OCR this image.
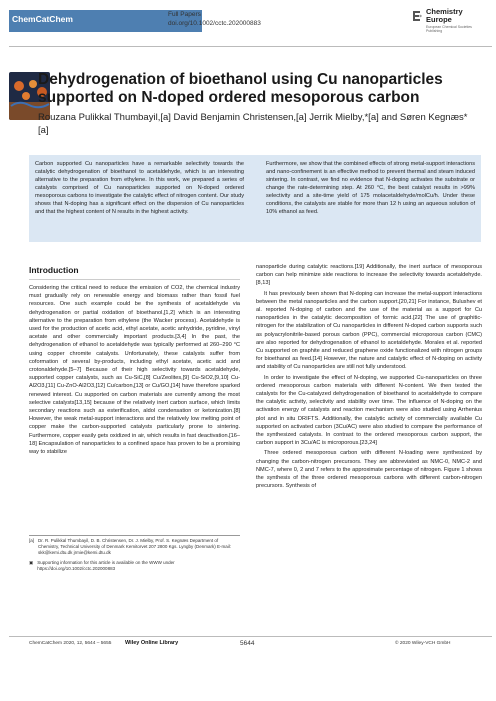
ChemCatChem	Full Papers
doi.org/10.1002/cctc.202000883
Chemistry
Europe
European Chemical Societies Publishing
Dehydrogenation of bioethanol using Cu nanoparticles supported on N-doped ordered mesoporous carbon
Rouzana Pulikkal Thumbayil,[a] David Benjamin Christensen,[a] Jerrik Mielby,*[a] and Søren Kegnæs*[a]
Carbon supported Cu nanoparticles have a remarkable selectivity towards the catalytic dehydrogenation of bioethanol to acetaldehyde, which is an interesting alternative to the preparation from ethylene. In this work, we prepared a series of catalysts comprised of Cu nanoparticles supported on N-doped ordered mesoporous carbons to investigate the catalytic effect of nitrogen content. Our study shows that N-doping has a significant effect on the dispersion of Cu nanoparticles and that the highest content of N results in the highest activity.
Furthermore, we show that the combined effects of strong metal-support interactions and nano-confinement is an effective method to prevent thermal and steam induced sintering. In contrast, we find no evidence that N-doping activates the substrate or change the rate-determining step. At 260 °C, the best catalyst results in >99% selectivity and a site-time yield of 175 molacetaldehyde/molCu/h. Under these conditions, the catalysts are stable for more than 12 h using an aqueous solution of 10% ethanol as feed.
Introduction

Considering the critical need to reduce the emission of CO2, the chemical industry must gradually rely on renewable energy and biomass rather than fossil fuel resources. One such example could be the synthesis of acetaldehyde via dehydrogenation or partial oxidation of bioethanol,[1,2] which is an interesting alternative to the preparation from ethylene (the Wacker process). Acetaldehyde is used for the production of acetic acid, ethyl acetate, acetic anhydride, pyridine, vinyl acetate and other commercially important products.[3,4] In the past, the dehydrogenation of ethanol to acetaldehyde was typically performed at 260–290 °C using copper chromite catalysts. Unfortunately, these catalysts suffer from coformation of several by-products, including ethyl acetate, acetic acid and crotonaldehyde.[5–7] Because of their high selectivity towards acetaldehyde, supported copper catalysts, such as Cu-SiC,[8] Cu/Zeolites,[9] Cu-SiO2,[9,10] Cu-Al2O3,[11] Cu-ZnO-Al2O3,[12] Cu/carbon,[13] or Cu/GO,[14] have therefore sparked renewed interest. Cu supported on carbon materials are currently among the most selective catalysts[13,15] because of the relatively inert carbon surface, which limits secondary reactions such as esterification, aldol condensation or ketonization.[8] However, the weak metal-support interactions and the relatively low melting point of copper make the carbon-supported catalysts particularly prone to sintering. Furthermore, copper easily gets oxidized in air, which results in fast deactivation.[16–18] Encapsulation of nanoparticles to a confined space has proven to be a promising way to stabilize

nanoparticle during catalytic reactions.[19] Additionally, the inert surface of mesoporous carbon can help minimize side reactions to increase the selectivity towards acetaldehyde.[8,13]

It has previously been shown that N-doping can increase the metal-support interactions between the metal nanoparticles and the carbon support.[20,21] For instance, Bulushev et al. reported N-doping of carbon and the use of the material as a support for Cu nanoparticles in the catalytic decomposition of formic acid.[22] The use of graphitic-nitrogen for the stabilization of Cu nanoparticles in different N-doped carbon supports such as polyacrylonitrile-based porous carbon (PPC), commercial microporous carbon (CMC) are also reported for dehydrogenation of ethanol to acetaldehyde. Morales et al. reported Cu supported on graphite and reduced graphene oxide functionalized with nitrogen groups for bioethanol as feed.[14] However, the nature and catalytic effect of N-doping on activity and stability of Cu nanoparticles are still not fully understood.

In order to investigate the effect of N-doping, we supported Cu-nanoparticles on three ordered mesoporous carbon materials with different N-content. We then tested the catalysts for the Cu-catalyzed dehydrogenation of bioethanol to acetaldehyde to compare the catalytic activity, selectivity and stability over time. The influence of N-doping on the activation energy of catalysts and reaction mechanism were also studied using Arrhenius plot and in situ DRIFTS. Additionally, the catalytic activity of commercially available Cu supported on activated carbon (3Cu/AC) were also studied to compare the performance of the synthesized catalysts. In contrast to the ordered mesoporous carbon support, the carbon support in 3Cu/AC is microporous.[23,24]

Three ordered mesoporous carbon with different N-loading were synthesized by changing the carbon-nitrogen precursors. They are abbreviated as NMC-0, NMC-2 and NMC-7, where 0, 2 and 7 refers to the approximate percentage of nitrogen. Figure 1 shows the synthesis of the three ordered mesoporous carbons with different carbon-nitrogen precursors. Synthesis of

[a] Dr. R. Pulikkal Thumbayil, D. B. Christensen, Dr. J. Mielby, Prof. S. Kegnæs Department of Chemistry, Technical University of Denmark Kemitorvet 207 2800 Kgs. Lyngby (Denmark) E-mail: skk@kemi.dtu.dk jrmie@kemi.dtu.dk
▣ Supporting information for this article is available on the WWW under https://doi.org/10.1002/cctc.202000883
ChemCatChem 2020, 12, 5644 – 5655 Wiley Online Library	5644	© 2020 Wiley-VCH GmbH
